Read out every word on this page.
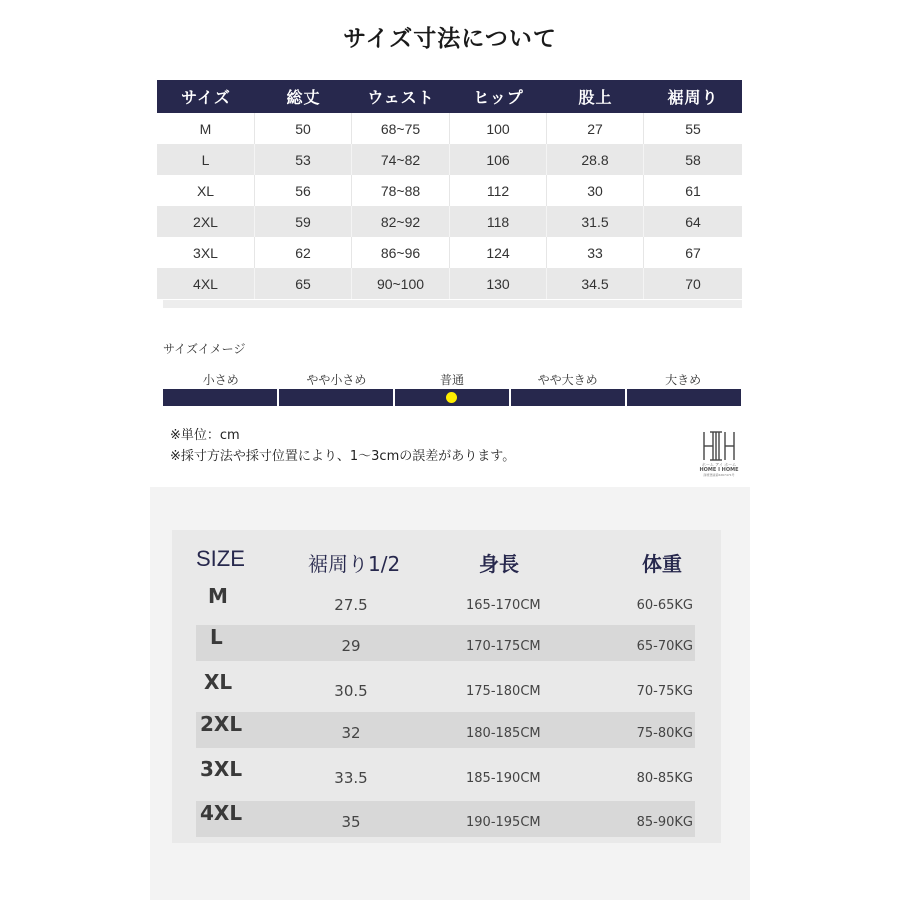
サイズ寸法について
サイズ	総丈	ウェスト	ヒップ	股上	裾周り
M	50	68~75	100	27	55
L	53	74~82	106	28.8	58
XL	56	78~88	112	30	61
2XL	59	82~92	118	31.5	64
3XL	62	86~96	124	33	67
4XL	65	90~100	130	34.5	70
サイズイメージ
小さめ	やや小さめ	普通	やや大きめ	大きめ
※単位：cm
※採寸方法や採寸位置により、1～3cmの誤差があります。
ホーム アイ ホーム
HOME I HOME
商標登録第6267471号
SIZE	裾周り1/2	身長	体重
M	27.5	165-170CM	60-65KG
L	29	170-175CM	65-70KG
XL	30.5	175-180CM	70-75KG
2XL	32	180-185CM	75-80KG
3XL	33.5	185-190CM	80-85KG
4XL	35	190-195CM	85-90KG
